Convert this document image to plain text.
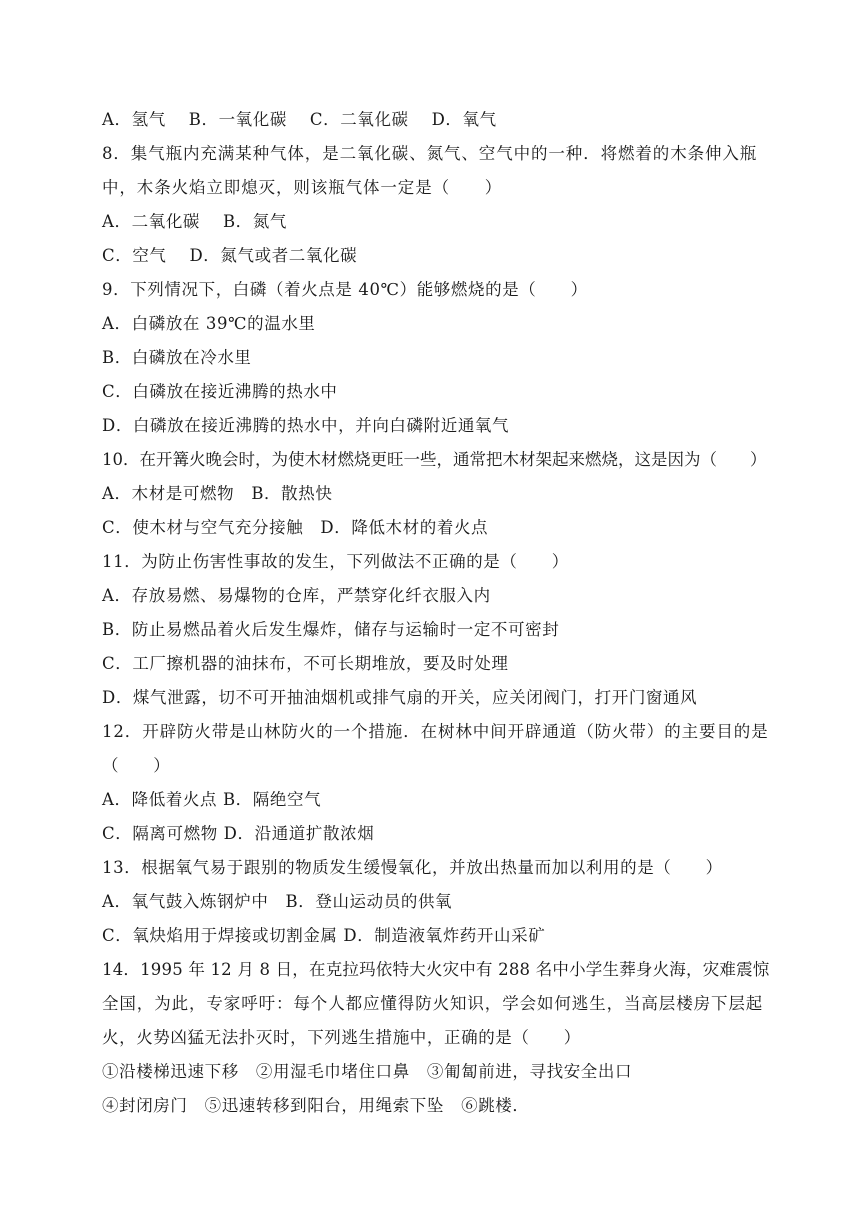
A．氢气　 B．一氧化碳　 C．二氧化碳　 D．氧气
8．集气瓶内充满某种气体，是二氧化碳、氮气、空气中的一种．将燃着的木条伸入瓶
中，木条火焰立即熄灭，则该瓶气体一定是（　　）
A．二氧化碳　 B．氮气
C．空气　 D．氮气或者二氧化碳
9．下列情况下，白磷（着火点是 40℃）能够燃烧的是（　　）
A．白磷放在 39℃的温水里
B．白磷放在冷水里
C．白磷放在接近沸腾的热水中
D．白磷放在接近沸腾的热水中，并向白磷附近通氧气
10．在开篝火晚会时，为使木材燃烧更旺一些，通常把木材架起来燃烧，这是因为（　　）
A．木材是可燃物　B．散热快
C．使木材与空气充分接触　D．降低木材的着火点
11．为防止伤害性事故的发生，下列做法不正确的是（　　）
A．存放易燃、易爆物的仓库，严禁穿化纤衣服入内
B．防止易燃品着火后发生爆炸，储存与运输时一定不可密封
C．工厂擦机器的油抹布，不可长期堆放，要及时处理
D．煤气泄露，切不可开抽油烟机或排气扇的开关，应关闭阀门，打开门窗通风
12．开辟防火带是山林防火的一个措施．在树林中间开辟通道（防火带）的主要目的是
（　　）
A．降低着火点 B．隔绝空气
C．隔离可燃物 D．沿通道扩散浓烟
13．根据氧气易于跟别的物质发生缓慢氧化，并放出热量而加以利用的是（　　）
A．氧气鼓入炼钢炉中　B．登山运动员的供氧
C．氧炔焰用于焊接或切割金属 D．制造液氧炸药开山采矿
14．1995 年 12 月 8 日，在克拉玛依特大火灾中有 288 名中小学生葬身火海，灾难震惊
全国，为此，专家呼吁：每个人都应懂得防火知识，学会如何逃生，当高层楼房下层起
火，火势凶猛无法扑灭时，下列逃生措施中，正确的是（　　）
①沿楼梯迅速下移　②用湿毛巾堵住口鼻　③匍匐前进，寻找安全出口
④封闭房门　⑤迅速转移到阳台，用绳索下坠　⑥跳楼．
